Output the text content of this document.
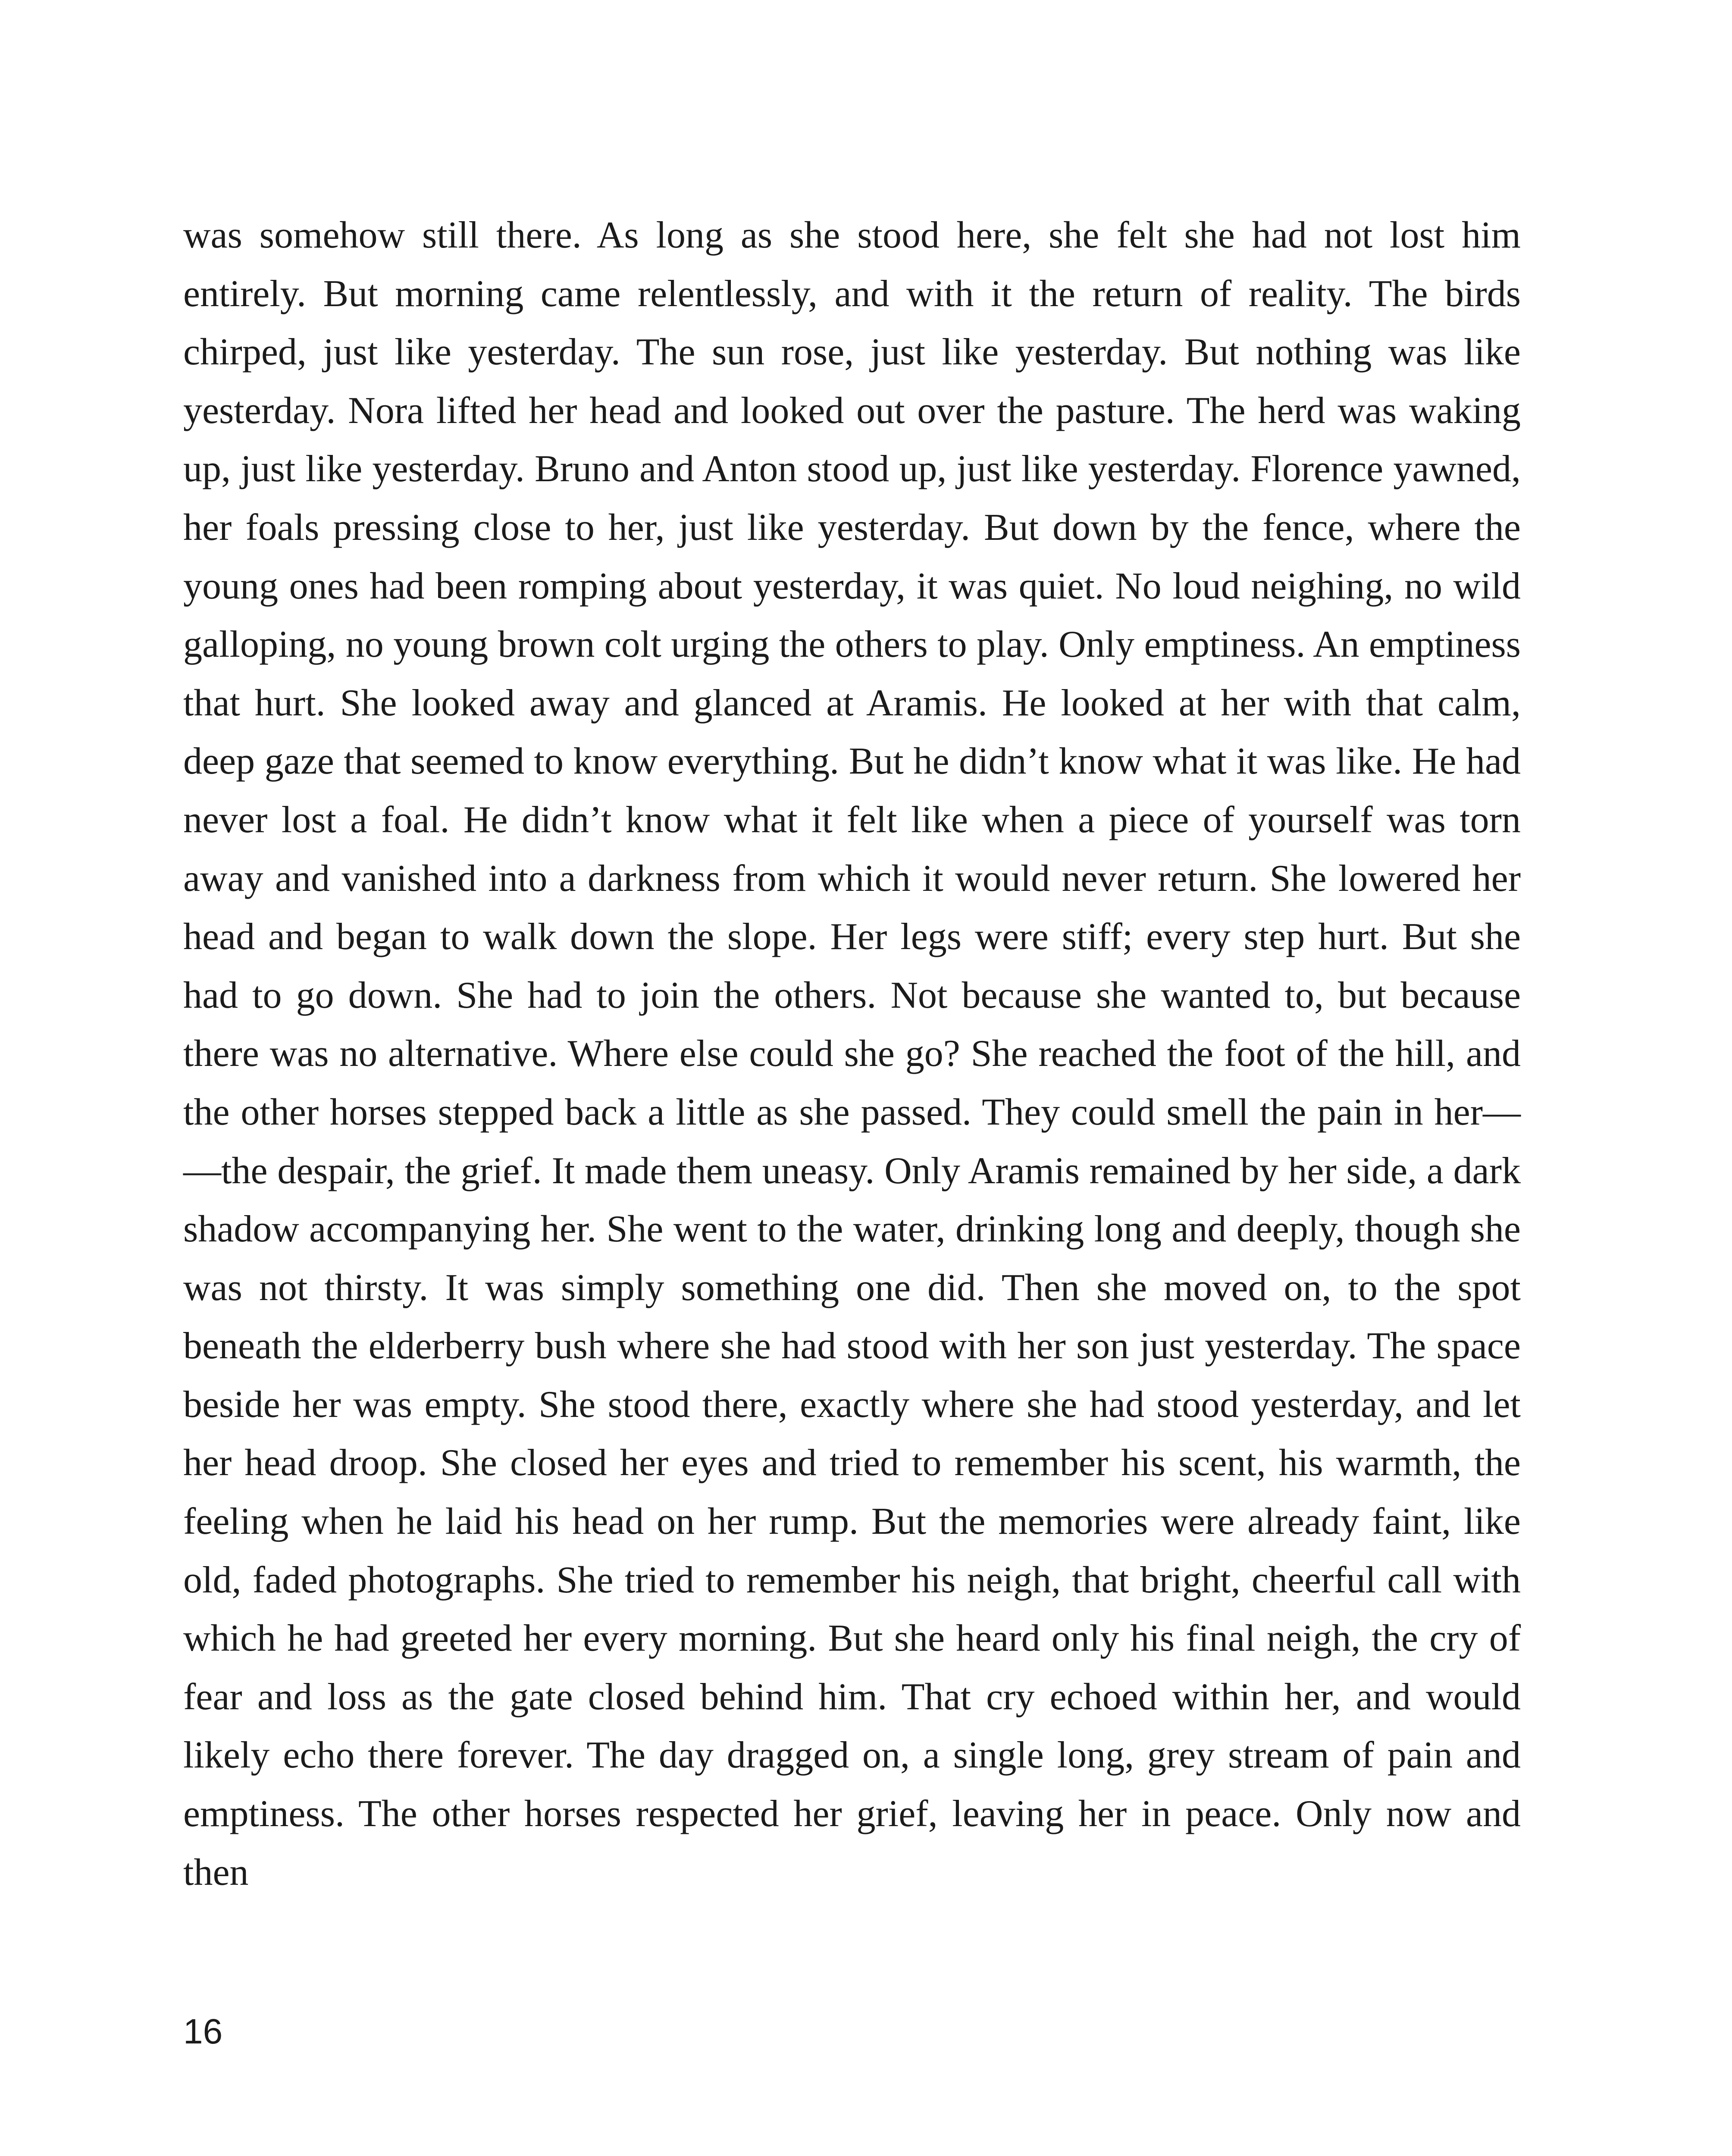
was somehow still there. As long as she stood here, she felt she had not lost him entirely. But morning came relentlessly, and with it the return of reality. The birds chirped, just like yesterday. The sun rose, just like yesterday. But nothing was like yesterday. Nora lifted her head and looked out over the pasture. The herd was waking up, just like yesterday. Bruno and Anton stood up, just like yesterday. Florence yawned, her foals pressing close to her, just like yesterday. But down by the fence, where the young ones had been romping about yesterday, it was quiet. No loud neighing, no wild galloping, no young brown colt urging the others to play. Only emptiness. An emptiness that hurt. She looked away and glanced at Aramis. He looked at her with that calm, deep gaze that seemed to know everything. But he didn’t know what it was like. He had never lost a foal. He didn’t know what it felt like when a piece of yourself was torn away and vanished into a darkness from which it would never return. She lowered her head and began to walk down the slope. Her legs were stiff; every step hurt. But she had to go down. She had to join the others. Not because she wanted to, but because there was no alternative. Where else could she go? She reached the foot of the hill, and the other horses stepped back a little as she passed. They could smell the pain in her— —the despair, the grief. It made them uneasy. Only Aramis remained by her side, a dark shadow accompanying her. She went to the water, drinking long and deeply, though she was not thirsty. It was simply something one did. Then she moved on, to the spot beneath the elderberry bush where she had stood with her son just yesterday. The space beside her was empty. She stood there, exactly where she had stood yesterday, and let her head droop. She closed her eyes and tried to remember his scent, his warmth, the feeling when he laid his head on her rump. But the memories were already faint, like old, faded photographs. She tried to remember his neigh, that bright, cheerful call with which he had greeted her every morning. But she heard only his final neigh, the cry of fear and loss as the gate closed behind him. That cry echoed within her, and would likely echo there forever. The day dragged on, a single long, grey stream of pain and emptiness. The other horses respected her grief, leaving her in peace. Only now and then

16
